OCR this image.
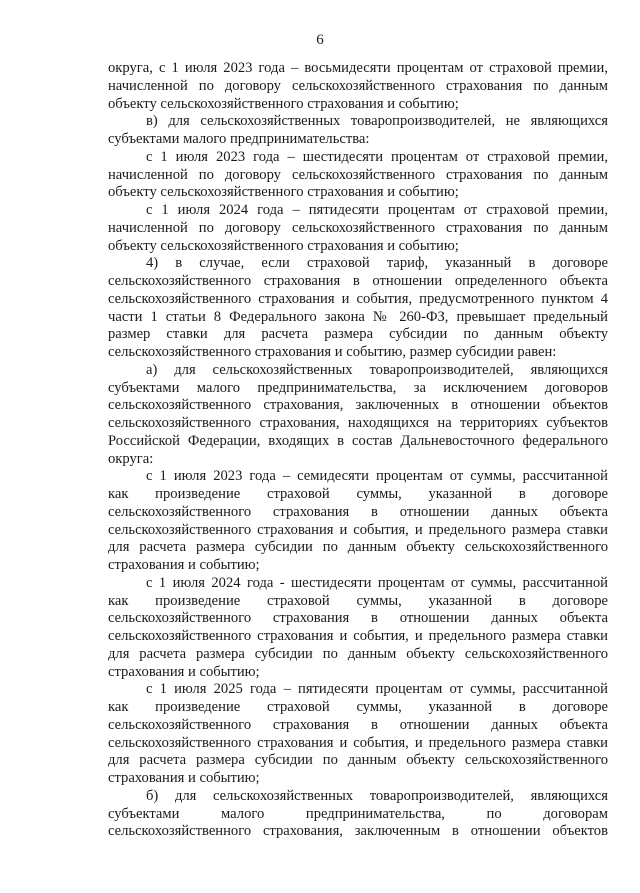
6
округа, с 1 июля 2023 года – восьмидесяти процентам от страховой премии,
начисленной по договору сельскохозяйственного страхования по данным
объекту сельскохозяйственного страхования и событию;
в) для сельскохозяйственных товаропроизводителей, не являющихся
субъектами малого предпринимательства:
с 1 июля 2023 года – шестидесяти процентам от страховой премии,
начисленной по договору сельскохозяйственного страхования по данным
объекту сельскохозяйственного страхования и событию;
с 1 июля 2024 года – пятидесяти процентам от страховой премии,
начисленной по договору сельскохозяйственного страхования по данным
объекту сельскохозяйственного страхования и событию;
4) в случае, если страховой тариф, указанный в договоре
сельскохозяйственного страхования в отношении определенного объекта
сельскохозяйственного страхования и события, предусмотренного пунктом 4
части 1 статьи 8 Федерального закона № 260-ФЗ, превышает предельный
размер ставки для расчета размера субсидии по данным объекту
сельскохозяйственного страхования и событию, размер субсидии равен:
а) для сельскохозяйственных товаропроизводителей, являющихся
субъектами малого предпринимательства, за исключением договоров
сельскохозяйственного страхования, заключенных в отношении объектов
сельскохозяйственного страхования, находящихся на территориях субъектов
Российской Федерации, входящих в состав Дальневосточного федерального
округа:
с 1 июля 2023 года – семидесяти процентам от суммы, рассчитанной
как произведение страховой суммы, указанной в договоре
сельскохозяйственного страхования в отношении данных объекта
сельскохозяйственного страхования и события, и предельного размера ставки
для расчета размера субсидии по данным объекту сельскохозяйственного
страхования и событию;
с 1 июля 2024 года - шестидесяти процентам от суммы, рассчитанной
как произведение страховой суммы, указанной в договоре
сельскохозяйственного страхования в отношении данных объекта
сельскохозяйственного страхования и события, и предельного размера ставки
для расчета размера субсидии по данным объекту сельскохозяйственного
страхования и событию;
с 1 июля 2025 года – пятидесяти процентам от суммы, рассчитанной
как произведение страховой суммы, указанной в договоре
сельскохозяйственного страхования в отношении данных объекта
сельскохозяйственного страхования и события, и предельного размера ставки
для расчета размера субсидии по данным объекту сельскохозяйственного
страхования и событию;
б) для сельскохозяйственных товаропроизводителей, являющихся
субъектами малого предпринимательства, по договорам
сельскохозяйственного страхования, заключенным в отношении объектов
